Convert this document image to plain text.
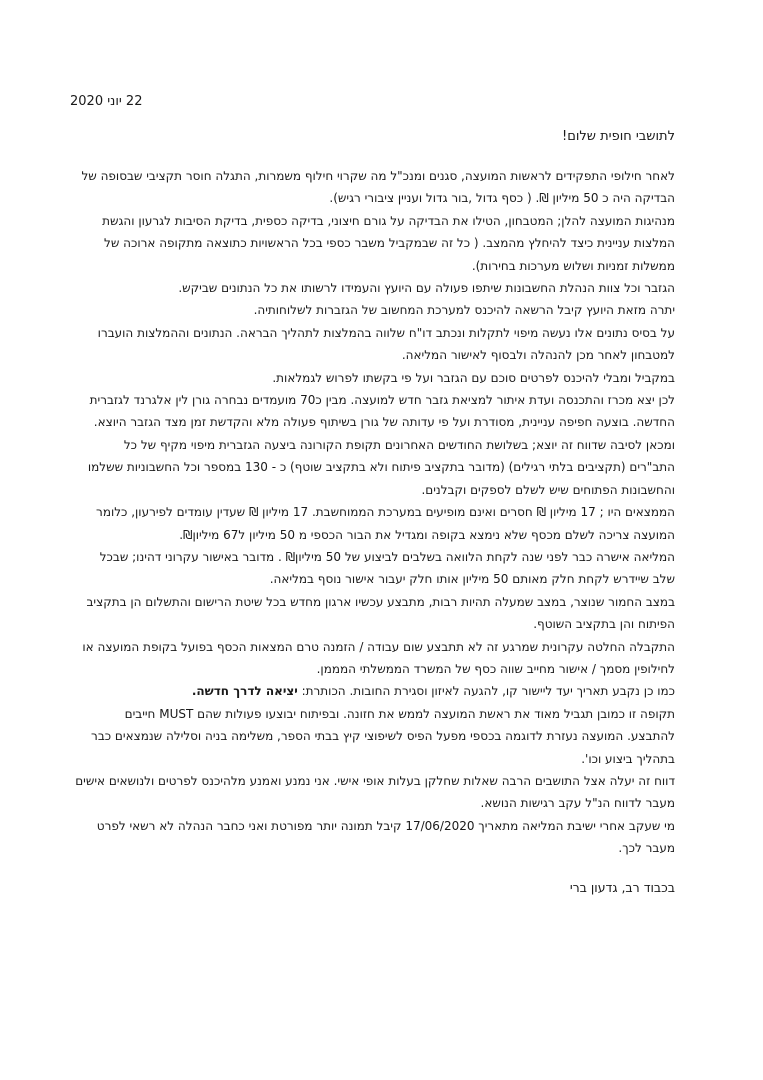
22 יוני 2020
לתושבי חופית שלום!

לאחר חילופי התפקידים לראשות המועצה, סגנים ומנכ"ל מה שקרוי חילוף משמרות, התגלה חוסר תקציבי שבסופה של הבדיקה היה כ 50 מיליון ₪. ( כסף גדול ,בור גדול ועניין ציבורי רגיש).

מנהיגות המועצה להלן; המטבחון, הטילו את הבדיקה על גורם חיצוני, בדיקה כספית, בדיקת הסיבות לגרעון והגשת המלצות עניינית כיצד להיחלץ מהמצב. ( כל זה שבמקביל משבר כספי בכל הראשויות כתוצאה מתקופה ארוכה של ממשלות זמניות ושלוש מערכות בחירות).

הגזבר וכל צוות הנהלת החשבונות שיתפו פעולה עם היועץ והעמידו לרשותו את כל הנתונים שביקש.

יתרה מזאת היועץ קיבל הרשאה להיכנס למערכת המחשוב של הגזברות לשלוחותיה.

על בסיס נתונים אלו נעשה מיפוי לתקלות ונכתב דו"ח שלווה בהמלצות לתהליך הבראה. הנתונים וההמלצות הועברו למטבחון לאחר מכן להנהלה ולבסוף לאישור המליאה.

במקביל ומבלי להיכנס לפרטים סוכם עם הגזבר ועל פי בקשתו לפרוש לגמלאות.

לכן יצא מכרז והתכנסה ועדת איתור למציאת גזבר חדש למועצה. מבין כ70 מועמדים נבחרה גורן לין אלגרנד לגזברית החדשה. בוצעה חפיפה עניינית, מסודרת ועל פי עדותה של גורן בשיתוף פעולה מלא והקדשת זמן מצד הגזבר היוצא.

ומכאן לסיבה שדווח זה יוצא; בשלושת החודשים האחרונים תקופת הקורונה ביצעה הגזברית מיפוי מקיף של כל התב"רים (תקציבים בלתי רגילים) (מדובר בתקציב פיתוח ולא בתקציב שוטף) כ - 130 במספר וכל החשבוניות ששלמו והחשבונות הפתוחים שיש לשלם לספקים וקבלנים.

הממצאים היו ; 17 מיליון ₪ חסרים ואינם מופיעים במערכת הממוחשבת. 17 מיליון ₪ שעדין עומדים לפירעון, כלומר המועצה צריכה לשלם מכסף שלא נימצא בקופה ומגדיל את הבור הכספי מ 50 מיליון ל67 מיליון₪.

המליאה אישרה כבר לפני שנה לקחת הלוואה בשלבים לביצוע של 50 מיליון₪ . מדובר באישור עקרוני דהינו; שבכל שלב שיידרש לקחת חלק מאותם 50 מיליון אותו חלק יעבור אישור נוסף במליאה.

במצב החמור שנוצר, במצב שמעלה תהיות רבות, מתבצע עכשיו ארגון מחדש בכל שיטת הרישום והתשלום הן בתקציב הפיתוח והן בתקציב השוטף.

התקבלה החלטה עקרונית שמרגע זה לא תתבצע שום עבודה / הזמנה טרם המצאות הכסף בפועל בקופת המועצה או לחילופין מסמך / אישור מחייב שווה כסף של המשרד הממשלתי המממן.

כמו כן נקבע תאריך יעד ליישור קו, להגעה לאיזון וסגירת החובות. הכותרת: יציאה לדרך חדשה.

תקופה זו כמובן תגביל מאוד את ראשת המועצה לממש את חזונה. ובפיתוח יבוצעו פעולות שהם MUST חייבים להתבצע. המועצה נעזרת לדוגמה בכספי מפעל הפיס לשיפוצי קיץ בבתי הספר, משלימה בניה וסלילה שנמצאים כבר בתהליך ביצוע וכו'.

דווח זה יעלה אצל התושבים הרבה שאלות שחלקן בעלות אופי אישי. אני נמנע ואמנע מלהיכנס לפרטים ולנושאים אישים מעבר לדווח הנ"ל עקב רגישות הנושא.

מי שעקב אחרי ישיבת המליאה מתאריך 17/06/2020 קיבל תמונה יותר מפורטת ואני כחבר הנהלה לא רשאי לפרט מעבר לכך.

בכבוד רב, גדעון ברי
